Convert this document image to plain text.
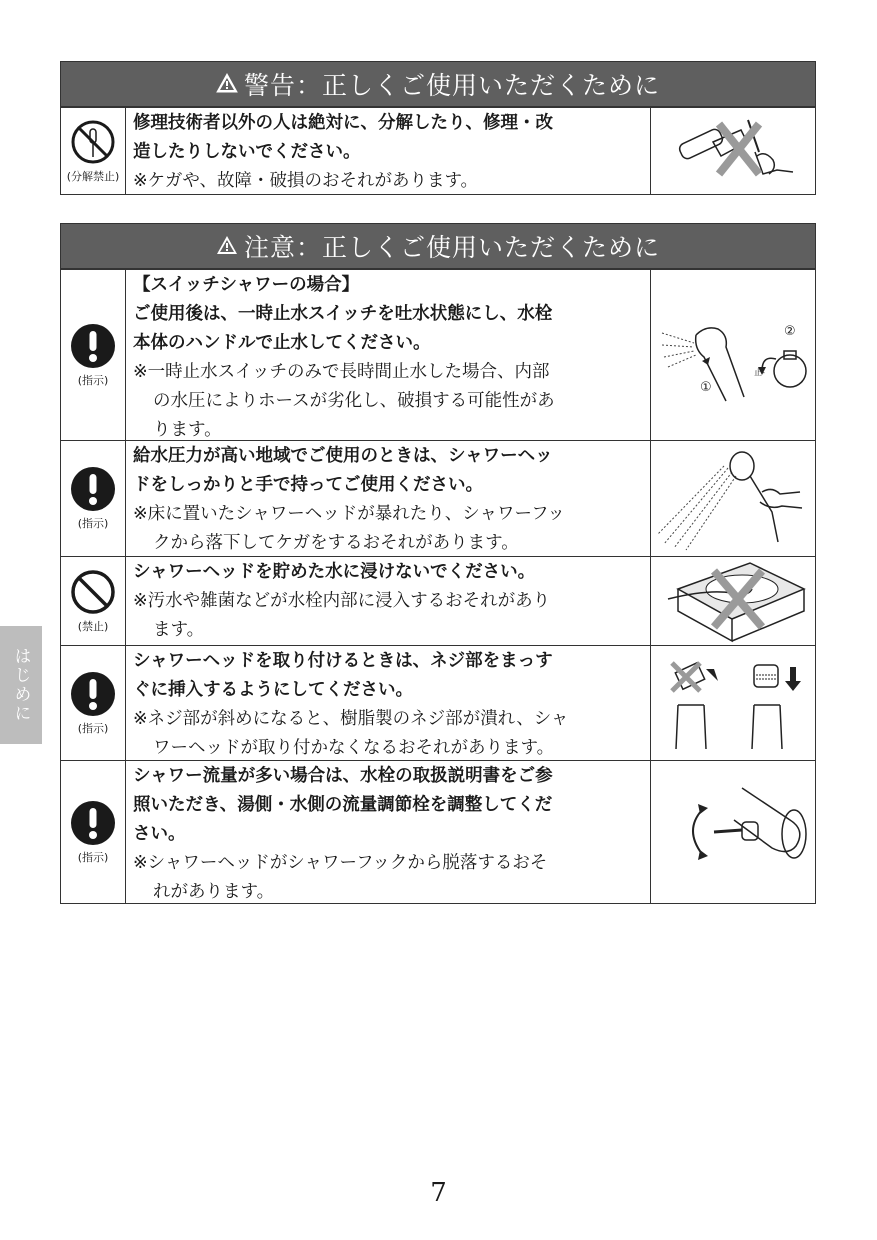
警告：正しくご使用いただくために
(分解禁止)

修理技術者以外の人は絶対に、分解したり、修理・改

造したりしないでください。

※ケガや、故障・破損のおそれがあります。

注意：正しくご使用いただくために
(指示)

【スイッチシャワーの場合】

ご使用後は、一時止水スイッチを吐水状態にし、水栓

本体のハンドルで止水してください。

※一時止水スイッチのみで長時間止水した場合、内部

の水圧によりホースが劣化し、破損する可能性があ

ります。

①
②
止-
(指示)

給水圧力が高い地域でご使用のときは、シャワーヘッ

ドをしっかりと手で持ってご使用ください。

※床に置いたシャワーヘッドが暴れたり、シャワーフッ

クから落下してケガをするおそれがあります。

(禁止)

シャワーヘッドを貯めた水に浸けないでください。

※汚水や雑菌などが水栓内部に浸入するおそれがあり

ます。

(指示)

シャワーヘッドを取り付けるときは、ネジ部をまっす

ぐに挿入するようにしてください。

※ネジ部が斜めになると、樹脂製のネジ部が潰れ、シャ

ワーヘッドが取り付かなくなるおそれがあります。

(指示)

シャワー流量が多い場合は、水栓の取扱説明書をご参

照いただき、湯側・水側の流量調節栓を調整してくだ

さい。

※シャワーヘッドがシャワーフックから脱落するおそ

れがあります。

はじめに
7
